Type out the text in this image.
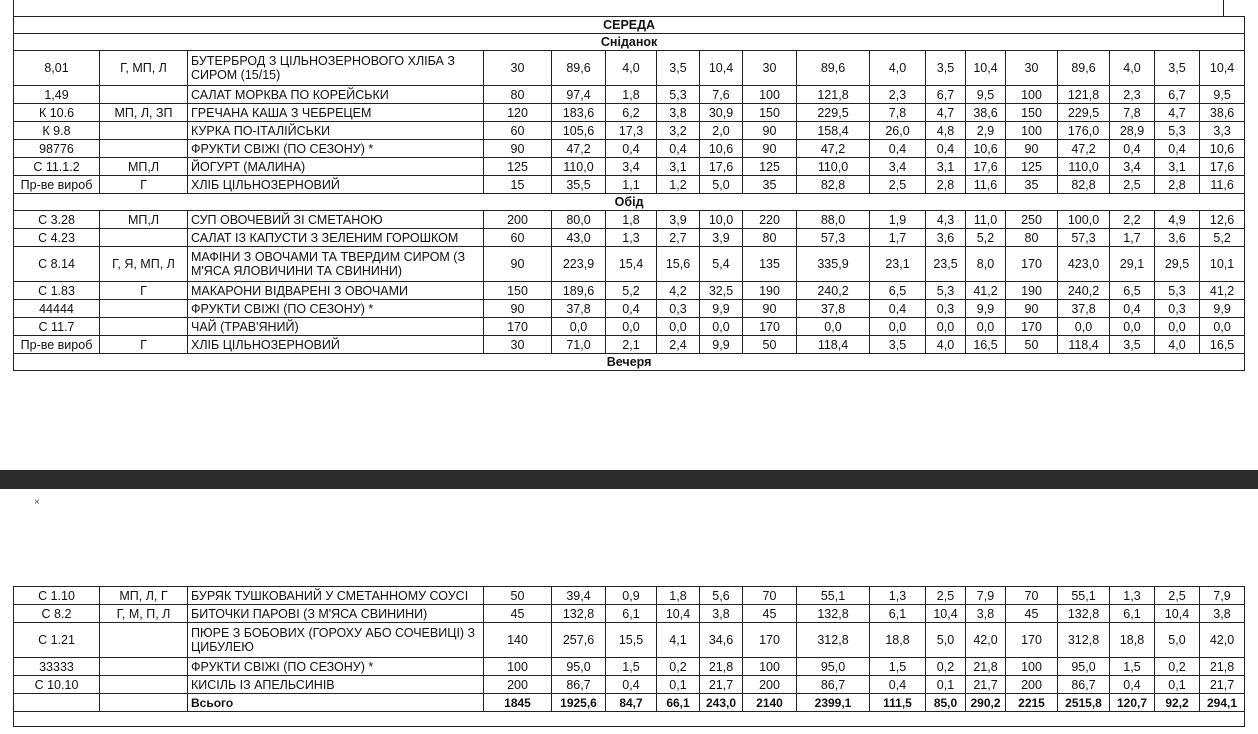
СЕРЕДА																	
Сніданок																	
8,01	Г, МП, Л	БУТЕРБРОД З ЦІЛЬНОЗЕРНОВОГО ХЛІБА З СИРОМ (15/15)	30	89,6	4,0	3,5	10,4	30	89,6	4,0	3,5	10,4	30	89,6	4,0	3,5	10,4
1,49		САЛАТ МОРКВА ПО КОРЕЙСЬКИ	80	97,4	1,8	5,3	7,6	100	121,8	2,3	6,7	9,5	100	121,8	2,3	6,7	9,5
К 10.6	МП, Л, ЗП	ГРЕЧАНА КАША З ЧЕБРЕЦЕМ	120	183,6	6,2	3,8	30,9	150	229,5	7,8	4,7	38,6	150	229,5	7,8	4,7	38,6
К 9.8		КУРКА ПО-ІТАЛІЙСЬКИ	60	105,6	17,3	3,2	2,0	90	158,4	26,0	4,8	2,9	100	176,0	28,9	5,3	3,3
98776		ФРУКТИ СВІЖІ (ПО СЕЗОНУ) *	90	47,2	0,4	0,4	10,6	90	47,2	0,4	0,4	10,6	90	47,2	0,4	0,4	10,6
С 11.1.2	МП,Л	ЙОГУРТ (МАЛИНА)	125	110,0	3,4	3,1	17,6	125	110,0	3,4	3,1	17,6	125	110,0	3,4	3,1	17,6
Пр-ве вироб	Г	ХЛІБ ЦІЛЬНОЗЕРНОВИЙ	15	35,5	1,1	1,2	5,0	35	82,8	2,5	2,8	11,6	35	82,8	2,5	2,8	11,6
Обід																	
С 3.28	МП,Л	СУП ОВОЧЕВИЙ ЗІ СМЕТАНОЮ	200	80,0	1,8	3,9	10,0	220	88,0	1,9	4,3	11,0	250	100,0	2,2	4,9	12,6
С 4.23		САЛАТ ІЗ КАПУСТИ З ЗЕЛЕНИМ ГОРОШКОМ	60	43,0	1,3	2,7	3,9	80	57,3	1,7	3,6	5,2	80	57,3	1,7	3,6	5,2
С 8.14	Г, Я, МП, Л	МАФІНИ З ОВОЧАМИ ТА ТВЕРДИМ СИРОМ (З М'ЯСА ЯЛОВИЧИНИ ТА СВИНИНИ)	90	223,9	15,4	15,6	5,4	135	335,9	23,1	23,5	8,0	170	423,0	29,1	29,5	10,1
С 1.83	Г	МАКАРОНИ ВІДВАРЕНІ З ОВОЧАМИ	150	189,6	5,2	4,2	32,5	190	240,2	6,5	5,3	41,2	190	240,2	6,5	5,3	41,2
44444		ФРУКТИ СВІЖІ (ПО СЕЗОНУ) *	90	37,8	0,4	0,3	9,9	90	37,8	0,4	0,3	9,9	90	37,8	0,4	0,3	9,9
С 11.7		ЧАЙ (ТРАВ'ЯНИЙ)	170	0,0	0,0	0,0	0,0	170	0,0	0,0	0,0	0,0	170	0,0	0,0	0,0	0,0
Пр-ве вироб	Г	ХЛІБ ЦІЛЬНОЗЕРНОВИЙ	30	71,0	2,1	2,4	9,9	50	118,4	3,5	4,0	16,5	50	118,4	3,5	4,0	16,5
Вечеря																	
×
С 1.10	МП, Л, Г	БУРЯК ТУШКОВАНИЙ У СМЕТАННОМУ СОУСІ	50	39,4	0,9	1,8	5,6	70	55,1	1,3	2,5	7,9	70	55,1	1,3	2,5	7,9
С 8.2	Г, М, П, Л	БИТОЧКИ ПАРОВІ (З М'ЯСА СВИНИНИ)	45	132,8	6,1	10,4	3,8	45	132,8	6,1	10,4	3,8	45	132,8	6,1	10,4	3,8
С 1.21		ПЮРЕ З БОБОВИХ (ГОРОХУ АБО СОЧЕВИЦІ) З ЦИБУЛЕЮ	140	257,6	15,5	4,1	34,6	170	312,8	18,8	5,0	42,0	170	312,8	18,8	5,0	42,0
33333		ФРУКТИ СВІЖІ (ПО СЕЗОНУ) *	100	95,0	1,5	0,2	21,8	100	95,0	1,5	0,2	21,8	100	95,0	1,5	0,2	21,8
С 10.10		КИСІЛЬ ІЗ АПЕЛЬСИНІВ	200	86,7	0,4	0,1	21,7	200	86,7	0,4	0,1	21,7	200	86,7	0,4	0,1	21,7
		Всього	1845	1925,6	84,7	66,1	243,0	2140	2399,1	111,5	85,0	290,2	2215	2515,8	120,7	92,2	294,1
